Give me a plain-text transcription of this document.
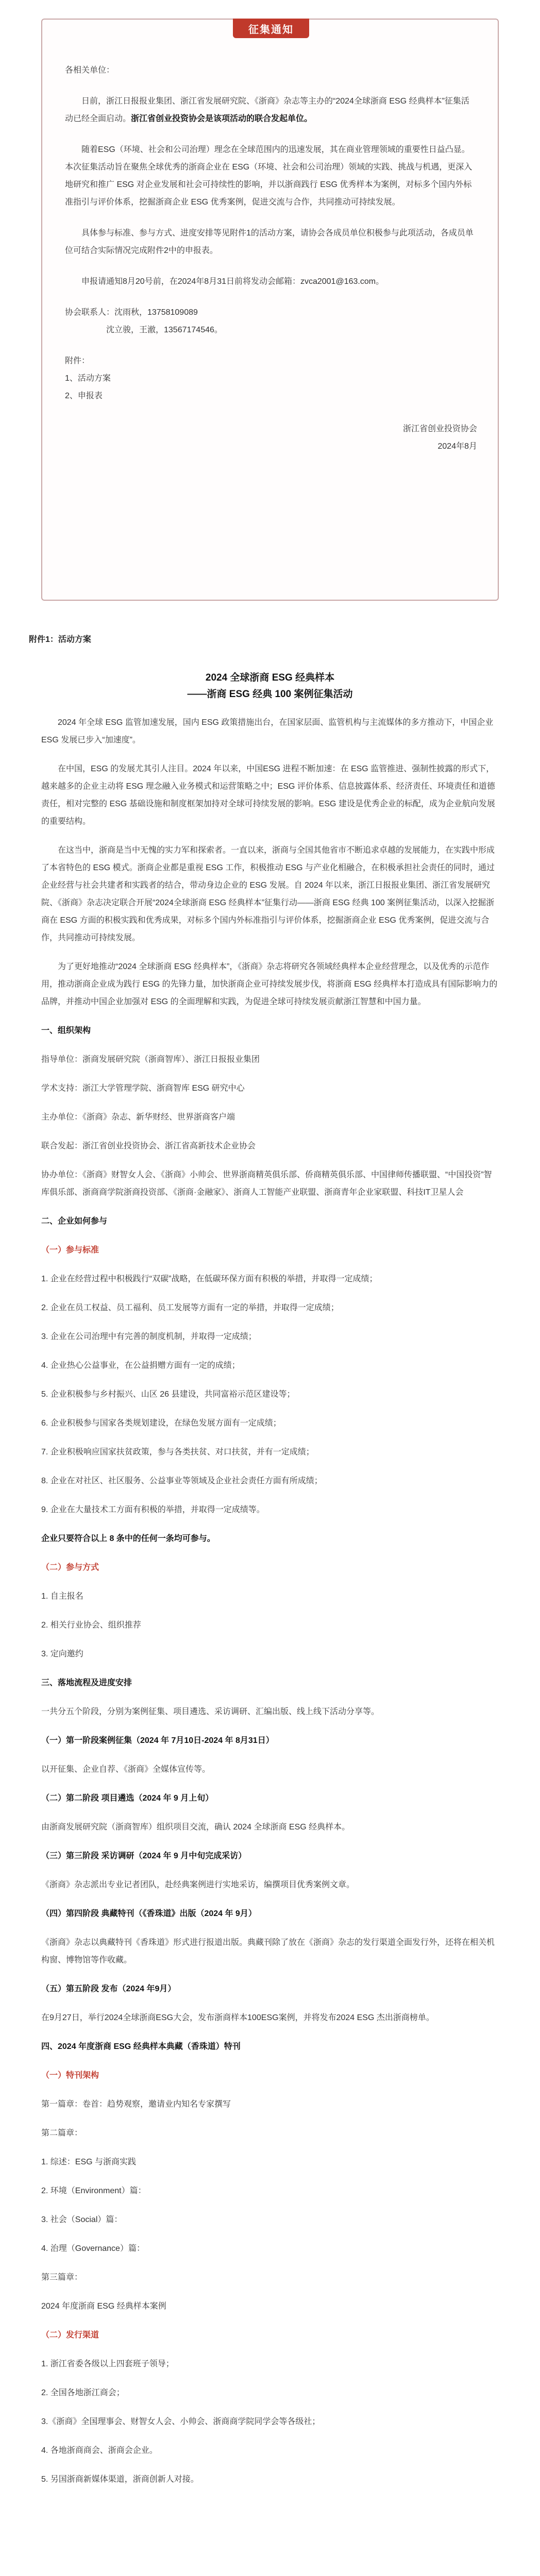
征集通知

各相关单位：

日前，浙江日报报业集团、浙江省发展研究院、《浙商》杂志等主办的“2024全球浙商 ESG 经典样本”征集活动已经全面启动。浙江省创业投资协会是该项活动的联合发起单位。

随着ESG（环境、社会和公司治理）理念在全球范围内的迅速发展，其在商业管理领域的重要性日益凸显。本次征集活动旨在聚焦全球优秀的浙商企业在 ESG（环境、社会和公司治理）领域的实践、挑战与机遇，更深入地研究和推广 ESG 对企业发展和社会可持续性的影响，并以浙商践行 ESG 优秀样本为案例，对标多个国内外标准指引与评价体系，挖掘浙商企业 ESG 优秀案例，促进交流与合作，共同推动可持续发展。

具体参与标准、参与方式、进度安排等见附件1的活动方案，请协会各成员单位积极参与此项活动，各成员单位可结合实际情况完成附件2中的申报表。

申报请通知8月20号前，在2024年8月31日前将发动会邮箱：zvca2001@163.com。

协会联系人：沈雨秋，13758109089

沈立骏，王澈，13567174546。

附件：

1、活动方案

2、申报表

浙江省创业投资协会

2024年8月

附件1：活动方案
2024 全球浙商 ESG 经典样本
——浙商 ESG 经典 100 案例征集活动

2024 年全球 ESG 监管加速发展，国内 ESG 政策措施出台，在国家层面、监管机构与主流媒体的多方推动下，中国企业 ESG 发展已步入“加速度”。

在中国，ESG 的发展尤其引人注目。2024 年以来，中国ESG 进程不断加速：在 ESG 监管推进、强制性披露的形式下，越来越多的企业主动将 ESG 理念融入业务模式和运营策略之中；ESG 评价体系、信息披露体系、经济责任、环境责任和道德责任，相对完整的 ESG 基础设施和制度框架加持对全球可持续发展的影响。ESG 建设是优秀企业的标配，成为企业航向发展的重要结构。

在这当中，浙商是当中无愧的实力军和探索者。一直以来，浙商与全国其他省市不断追求卓越的发展能力，在实践中形成了本省特色的 ESG 模式。浙商企业都是重视 ESG 工作，积极推动 ESG 与产业化相融合，在积极承担社会责任的同时，通过企业经营与社会共建者和实践者的结合，带动身边企业的 ESG 发展。自 2024 年以来，浙江日报报业集团、浙江省发展研究院、《浙商》杂志决定联合开展“2024全球浙商 ESG 经典样本”征集行动——浙商 ESG 经典 100 案例征集活动，以深入挖掘浙商在 ESG 方面的积极实践和优秀成果，对标多个国内外标准指引与评价体系，挖掘浙商企业 ESG 优秀案例，促进交流与合作，共同推动可持续发展。

为了更好地推动“2024 全球浙商 ESG 经典样本”，《浙商》杂志将研究各领域经典样本企业经营理念，以及优秀的示范作用，推动浙商企业成为践行 ESG 的先锋力量，加快浙商企业可持续发展步伐，将浙商 ESG 经典样本打造成具有国际影响力的品牌，并推动中国企业加强对 ESG 的全面理解和实践，为促进全球可持续发展贡献浙江智慧和中国力量。

一、组织架构

指导单位：浙商发展研究院（浙商智库）、浙江日报报业集团

学术支持：浙江大学管理学院、浙商智库 ESG 研究中心

主办单位：《浙商》杂志、新华财经、世界浙商客户端

联合发起：浙江省创业投资协会、浙江省高新技术企业协会

协办单位：《浙商》财智女人会、《浙商》小帅会、世界浙商精英俱乐部、侨商精英俱乐部、中国律师传播联盟、“中国投资”智库俱乐部、浙商商学院浙商投资部、《浙商·金融家》、浙商人工智能产业联盟、浙商青年企业家联盟、科技IT卫星人会

二、企业如何参与

（一）参与标准

1. 企业在经营过程中积极践行“双碳”战略，在低碳环保方面有积极的举措，并取得一定成绩；

2. 企业在员工权益、员工福利、员工发展等方面有一定的举措，并取得一定成绩；

3. 企业在公司治理中有完善的制度机制，并取得一定成绩；

4. 企业热心公益事业，在公益捐赠方面有一定的成绩；

5. 企业积极参与乡村振兴、山区 26 县建设，共同富裕示范区建设等；

6. 企业积极参与国家各类规划建设，在绿色发展方面有一定成绩；

7. 企业积极响应国家扶贫政策，参与各类扶贫、对口扶贫，并有一定成绩；

8. 企业在对社区、社区服务、公益事业等领域及企业社会责任方面有所成绩；

9. 企业在大量技术工方面有积极的举措，并取得一定成绩等。

企业只要符合以上 8 条中的任何一条均可参与。

（二）参与方式

1. 自主报名

2. 相关行业协会、组织推荐

3. 定向邀约

三、落地流程及进度安排

一共分五个阶段，分别为案例征集、项目遴选、采访调研、汇编出版、线上线下活动分享等。

（一）第一阶段案例征集（2024 年 7月10日-2024 年 8月31日）

以开征集、企业自荐、《浙商》全媒体宣传等。

（二）第二阶段 项目遴选（2024 年 9 月上旬）

由浙商发展研究院（浙商智库）组织项目交流，确认 2024 全球浙商 ESG 经典样本。

（三）第三阶段 采访调研（2024 年 9 月中旬完成采访）

《浙商》杂志派出专业记者团队，赴经典案例进行实地采访，编撰项目优秀案例文章。

（四）第四阶段 典藏特刊（《香珠道》出版（2024 年 9月）

《浙商》杂志以典藏特刊《香珠道》形式进行报道出版。典藏刊除了放在《浙商》杂志的发行渠道全面发行外，还将在相关机构窗、博物馆等作收藏。

（五）第五阶段 发布（2024 年9月）

在9月27日，举行2024全球浙商ESG大会，发布浙商样本100ESG案例，并将发布2024 ESG 杰出浙商榜单。

四、2024 年度浙商 ESG 经典样本典藏（香珠道）特刊

（一）特刊架构

第一篇章：卷首：趋势观察，邀请业内知名专家撰写

第二篇章：

1. 综述：ESG 与浙商实践

2. 环境（Environment）篇：

3. 社会（Social）篇：

4. 治理（Governance）篇：

第三篇章：

2024 年度浙商 ESG 经典样本案例

（二）发行渠道

1. 浙江省委各级以上四套班子领导；

2. 全国各地浙江商会；

3.《浙商》全国理事会、财智女人会、小帅会、浙商商学院同学会等各级社；

4. 各地浙商商会、浙商会企业。

5. 另国浙商新媒体渠道，浙商创新人对接。
